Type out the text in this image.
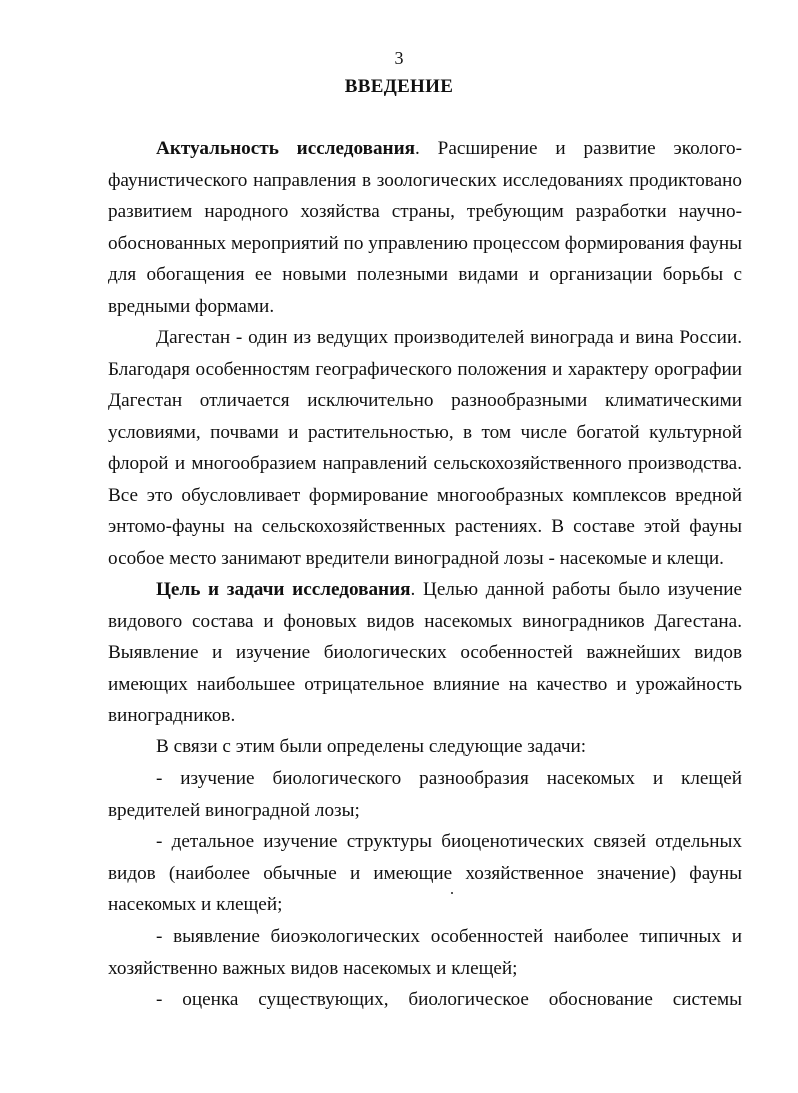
3
ВВЕДЕНИЕ

Актуальность исследования. Расширение и развитие эколого-фаунистического направления в зоологических исследованиях продиктовано развитием народного хозяйства страны, требующим разработки научно-обоснованных мероприятий по управлению процессом формирования фауны для обогащения ее новыми полезными видами и организации борьбы с вредными формами.

Дагестан - один из ведущих производителей винограда и вина России. Благодаря особенностям географического положения и характеру орографии Дагестан отличается исключительно разнообразными климатическими условиями, почвами и растительностью, в том числе богатой культурной флорой и многообразием направлений сельскохозяйственного производства. Все это обусловливает формирование многообразных комплексов вредной энтомо-фауны на сельскохозяйственных растениях. В составе этой фауны особое место занимают вредители виноградной лозы - насекомые и клещи.

Цель и задачи исследования. Целью данной работы было изучение видового состава и фоновых видов насекомых виноградников Дагестана. Выявление и изучение биологических особенностей важнейших видов имеющих наибольшее отрицательное влияние на качество и урожайность виноградников.

В связи с этим были определены следующие задачи:

- изучение биологического разнообразия насекомых и клещей вредителей виноградной лозы;

- детальное изучение структуры биоценотических связей отдельных видов (наиболее обычные и имеющие хозяйственное значение) фауны насекомых и клещей;

- выявление биоэкологических особенностей наиболее типичных и хозяйственно важных видов насекомых и клещей;

- оценка существующих, биологическое обоснование системы
